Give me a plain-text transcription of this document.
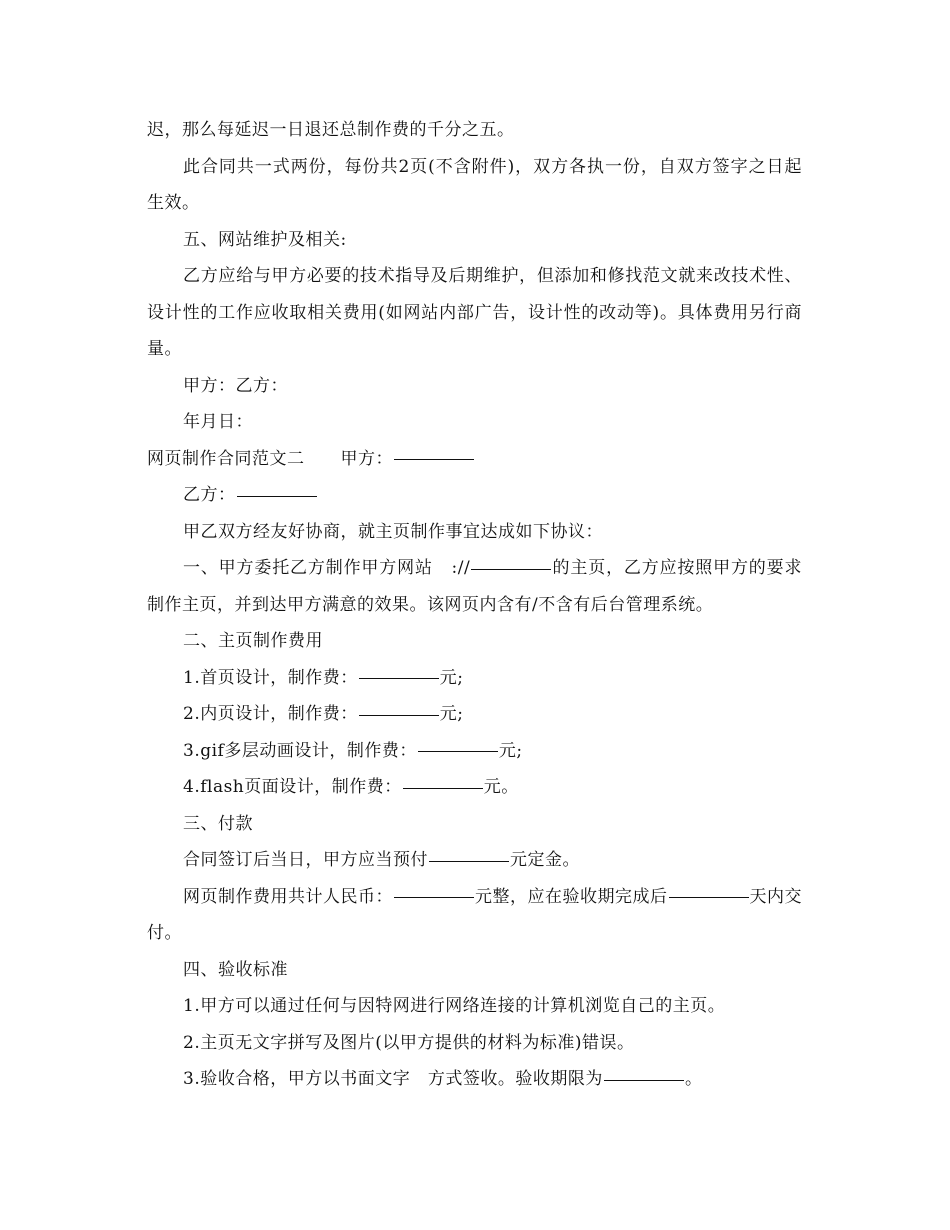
迟，那么每延迟一日退还总制作费的千分之五。

此合同共一式两份，每份共2页(不含附件)，双方各执一份，自双方签字之日起生效。

五、网站维护及相关:

乙方应给与甲方必要的技术指导及后期维护，但添加和修找范文就来改技术性、设计性的工作应收取相关费用(如网站内部广告，设计性的改动等)。具体费用另行商量。

甲方：乙方：

年月日：

网页制作合同范文二 甲方：

乙方：

甲乙双方经友好协商，就主页制作事宜达成如下协议：

一、甲方委托乙方制作甲方网站   ://	的主页，乙方应按照甲方的要求制作主页，并到达甲方满意的效果。该网页内含有/不含有后台管理系统。

二、主页制作费用

1.首页设计，制作费：	元;

2.内页设计，制作费：	元;

3.gif多层动画设计，制作费：	元;

4.flash页面设计，制作费：	元。

三、付款

合同签订后当日，甲方应当预付	元定金。

网页制作费用共计人民币：	元整，应在验收期完成后	天内交付。

四、验收标准

1.甲方可以通过任何与因特网进行网络连接的计算机浏览自己的主页。

2.主页无文字拼写及图片(以甲方提供的材料为标准)错误。

3.验收合格，甲方以书面文字   方式签收。验收期限为	。
